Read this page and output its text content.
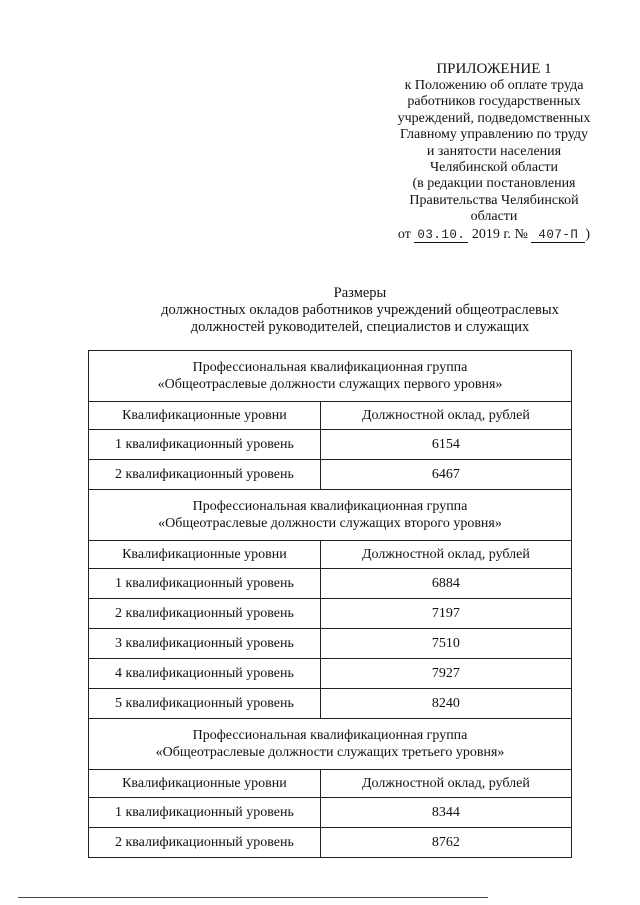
ПРИЛОЖЕНИЕ 1
к Положению об оплате труда
работников государственных
учреждений, подведомственных
Главному управлению по труду
и занятости населения
Челябинской области
(в редакции постановления
Правительства Челябинской
области
от 03.10. 2019 г. № 407-П )
Размеры
должностных окладов работников учреждений общеотраслевых
должностей руководителей, специалистов и служащих
Профессиональная квалификационная группа
«Общеотраслевые должности служащих первого уровня»	

Квалификационные уровни	Должностной оклад, рублей
1 квалификационный уровень	6154
2 квалификационный уровень	6467

Профессиональная квалификационная группа
«Общеотраслевые должности служащих второго уровня»	

Квалификационные уровни	Должностной оклад, рублей
1 квалификационный уровень	6884
2 квалификационный уровень	7197
3 квалификационный уровень	7510
4 квалификационный уровень	7927
5 квалификационный уровень	8240

Профессиональная квалификационная группа
«Общеотраслевые должности служащих третьего уровня»	

Квалификационные уровни	Должностной оклад, рублей
1 квалификационный уровень	8344
2 квалификационный уровень	8762
